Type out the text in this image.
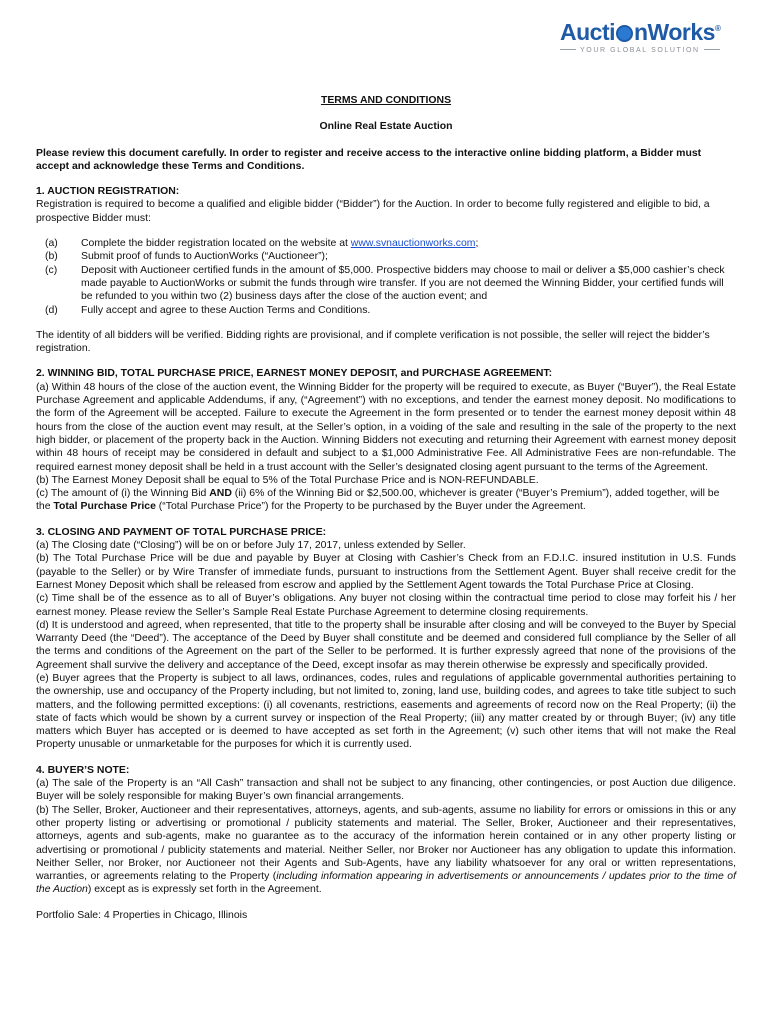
Aucti nWorks®
YOUR GLOBAL SOLUTION
TERMS AND CONDITIONS
Online Real Estate Auction

Please review this document carefully. In order to register and receive access to the interactive online bidding platform, a Bidder must accept and acknowledge these Terms and Conditions.

1. AUCTION REGISTRATION:

Registration is required to become a qualified and eligible bidder (“Bidder”) for the Auction. In order to become fully registered and eligible to bid, a prospective Bidder must:

(a) Complete the bidder registration located on the website at www.svnauctionworks.com;
(b) Submit proof of funds to AuctionWorks (“Auctioneer”);
(c) Deposit with Auctioneer certified funds in the amount of $5,000. Prospective bidders may choose to mail or deliver a $5,000 cashier’s check made payable to AuctionWorks or submit the funds through wire transfer. If you are not deemed the Winning Bidder, your certified funds will be refunded to you within two (2) business days after the close of the auction event; and
(d) Fully accept and agree to these Auction Terms and Conditions.

The identity of all bidders will be verified. Bidding rights are provisional, and if complete verification is not possible, the seller will reject the bidder’s registration.

2. WINNING BID, TOTAL PURCHASE PRICE, EARNEST MONEY DEPOSIT, and PURCHASE AGREEMENT:

(a) Within 48 hours of the close of the auction event, the Winning Bidder for the property will be required to execute, as Buyer (“Buyer”), the Real Estate Purchase Agreement and applicable Addendums, if any, (“Agreement”) with no exceptions, and tender the earnest money deposit. No modifications to the form of the Agreement will be accepted. Failure to execute the Agreement in the form presented or to tender the earnest money deposit within 48 hours from the close of the auction event may result, at the Seller’s option, in a voiding of the sale and resulting in the sale of the property to the next high bidder, or placement of the property back in the Auction. Winning Bidders not executing and returning their Agreement with earnest money deposit within 48 hours of receipt may be considered in default and subject to a $1,000 Administrative Fee. All Administrative Fees are non-refundable. The required earnest money deposit shall be held in a trust account with the Seller’s designated closing agent pursuant to the terms of the Agreement.

(b) The Earnest Money Deposit shall be equal to 5% of the Total Purchase Price and is NON-REFUNDABLE.

(c) The amount of (i) the Winning Bid AND (ii) 6% of the Winning Bid or $2,500.00, whichever is greater (“Buyer’s Premium”), added together, will be the Total Purchase Price (“Total Purchase Price”) for the Property to be purchased by the Buyer under the Agreement.

3. CLOSING AND PAYMENT OF TOTAL PURCHASE PRICE:

(a) The Closing date (“Closing”) will be on or before July 17, 2017, unless extended by Seller.

(b) The Total Purchase Price will be due and payable by Buyer at Closing with Cashier’s Check from an F.D.I.C. insured institution in U.S. Funds (payable to the Seller) or by Wire Transfer of immediate funds, pursuant to instructions from the Settlement Agent. Buyer shall receive credit for the Earnest Money Deposit which shall be released from escrow and applied by the Settlement Agent towards the Total Purchase Price at Closing.

(c) Time shall be of the essence as to all of Buyer’s obligations. Any buyer not closing within the contractual time period to close may forfeit his / her earnest money. Please review the Seller’s Sample Real Estate Purchase Agreement to determine closing requirements.

(d) It is understood and agreed, when represented, that title to the property shall be insurable after closing and will be conveyed to the Buyer by Special Warranty Deed (the “Deed”). The acceptance of the Deed by Buyer shall constitute and be deemed and considered full compliance by the Seller of all the terms and conditions of the Agreement on the part of the Seller to be performed. It is further expressly agreed that none of the provisions of the Agreement shall survive the delivery and acceptance of the Deed, except insofar as may therein otherwise be expressly and specifically provided.

(e) Buyer agrees that the Property is subject to all laws, ordinances, codes, rules and regulations of applicable governmental authorities pertaining to the ownership, use and occupancy of the Property including, but not limited to, zoning, land use, building codes, and agrees to take title subject to such matters, and the following permitted exceptions: (i) all covenants, restrictions, easements and agreements of record now on the Real Property; (ii) the state of facts which would be shown by a current survey or inspection of the Real Property; (iii) any matter created by or through Buyer; (iv) any title matters which Buyer has accepted or is deemed to have accepted as set forth in the Agreement; (v) such other items that will not make the Real Property unusable or unmarketable for the purposes for which it is currently used.

4. BUYER’S NOTE:

(a) The sale of the Property is an “All Cash” transaction and shall not be subject to any financing, other contingencies, or post Auction due diligence. Buyer will be solely responsible for making Buyer’s own financial arrangements.

(b) The Seller, Broker, Auctioneer and their representatives, attorneys, agents, and sub-agents, assume no liability for errors or omissions in this or any other property listing or advertising or promotional / publicity statements and material. The Seller, Broker, Auctioneer and their representatives, attorneys, agents and sub-agents, make no guarantee as to the accuracy of the information herein contained or in any other property listing or advertising or promotional / publicity statements and material. Neither Seller, nor Broker nor Auctioneer has any obligation to update this information. Neither Seller, nor Broker, nor Auctioneer not their Agents and Sub-Agents, have any liability whatsoever for any oral or written representations, warranties, or agreements relating to the Property (including information appearing in advertisements or announcements / updates prior to the time of the Auction) except as is expressly set forth in the Agreement.

Portfolio Sale: 4 Properties in Chicago, Illinois
